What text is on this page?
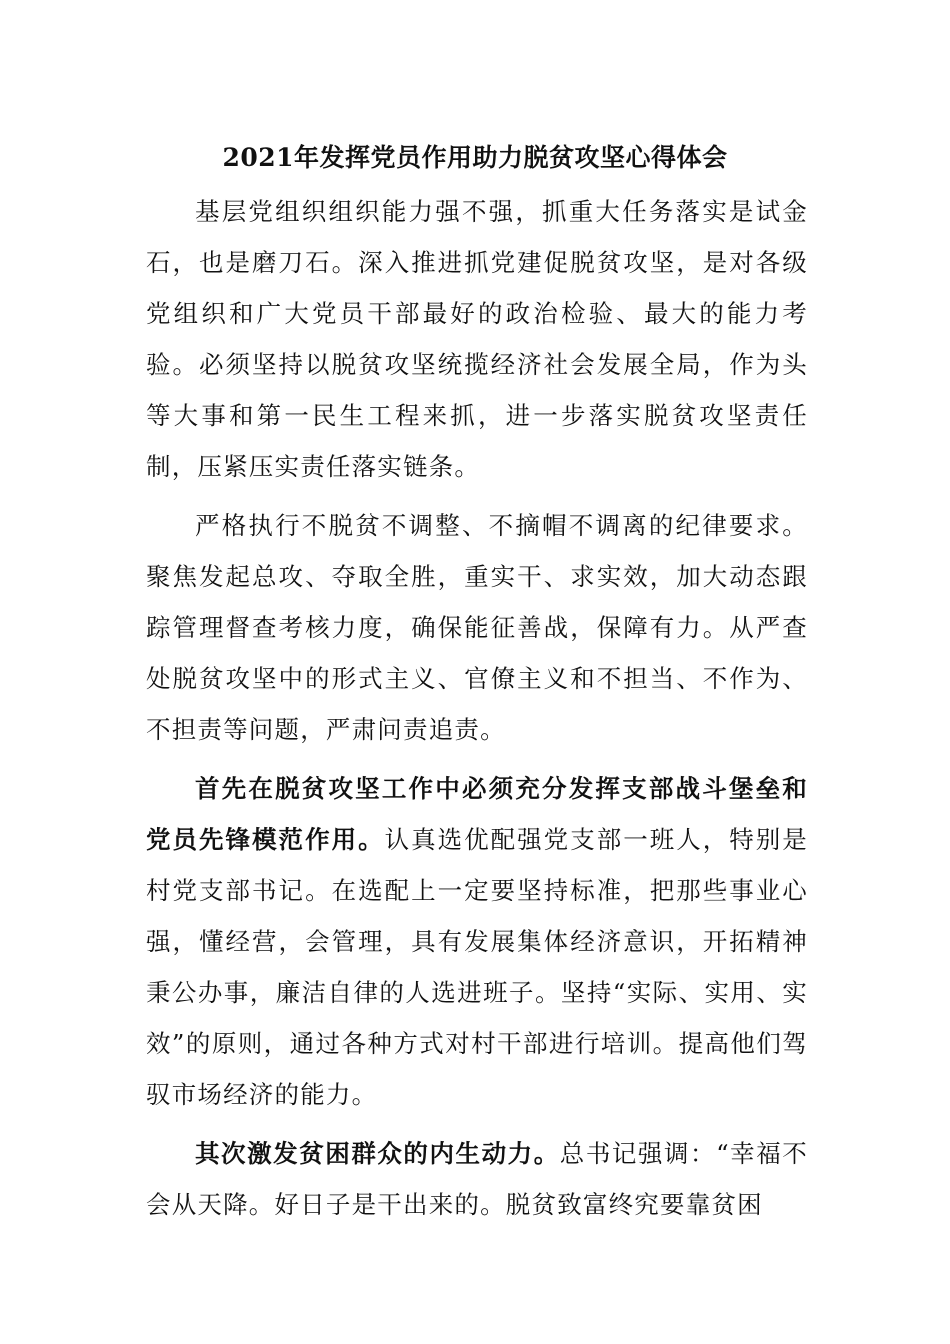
2021年发挥党员作用助力脱贫攻坚心得体会

基层党组织组织能力强不强，抓重大任务落实是试金石，也是磨刀石。深入推进抓党建促脱贫攻坚，是对各级党组织和广大党员干部最好的政治检验、最大的能力考验。必须坚持以脱贫攻坚统揽经济社会发展全局，作为头等大事和第一民生工程来抓，进一步落实脱贫攻坚责任制，压紧压实责任落实链条。

严格执行不脱贫不调整、不摘帽不调离的纪律要求。聚焦发起总攻、夺取全胜，重实干、求实效，加大动态跟踪管理督查考核力度，确保能征善战，保障有力。从严查处脱贫攻坚中的形式主义、官僚主义和不担当、不作为、不担责等问题，严肃问责追责。

首先在脱贫攻坚工作中必须充分发挥支部战斗堡垒和党员先锋模范作用。认真选优配强党支部一班人，特别是村党支部书记。在选配上一定要坚持标准，把那些事业心强，懂经营，会管理，具有发展集体经济意识，开拓精神秉公办事，廉洁自律的人选进班子。坚持“实际、实用、实效”的原则，通过各种方式对村干部进行培训。提高他们驾驭市场经济的能力。

其次激发贫困群众的内生动力。总书记强调：“幸福不会从天降。好日子是干出来的。脱贫致富终究要靠贫困
